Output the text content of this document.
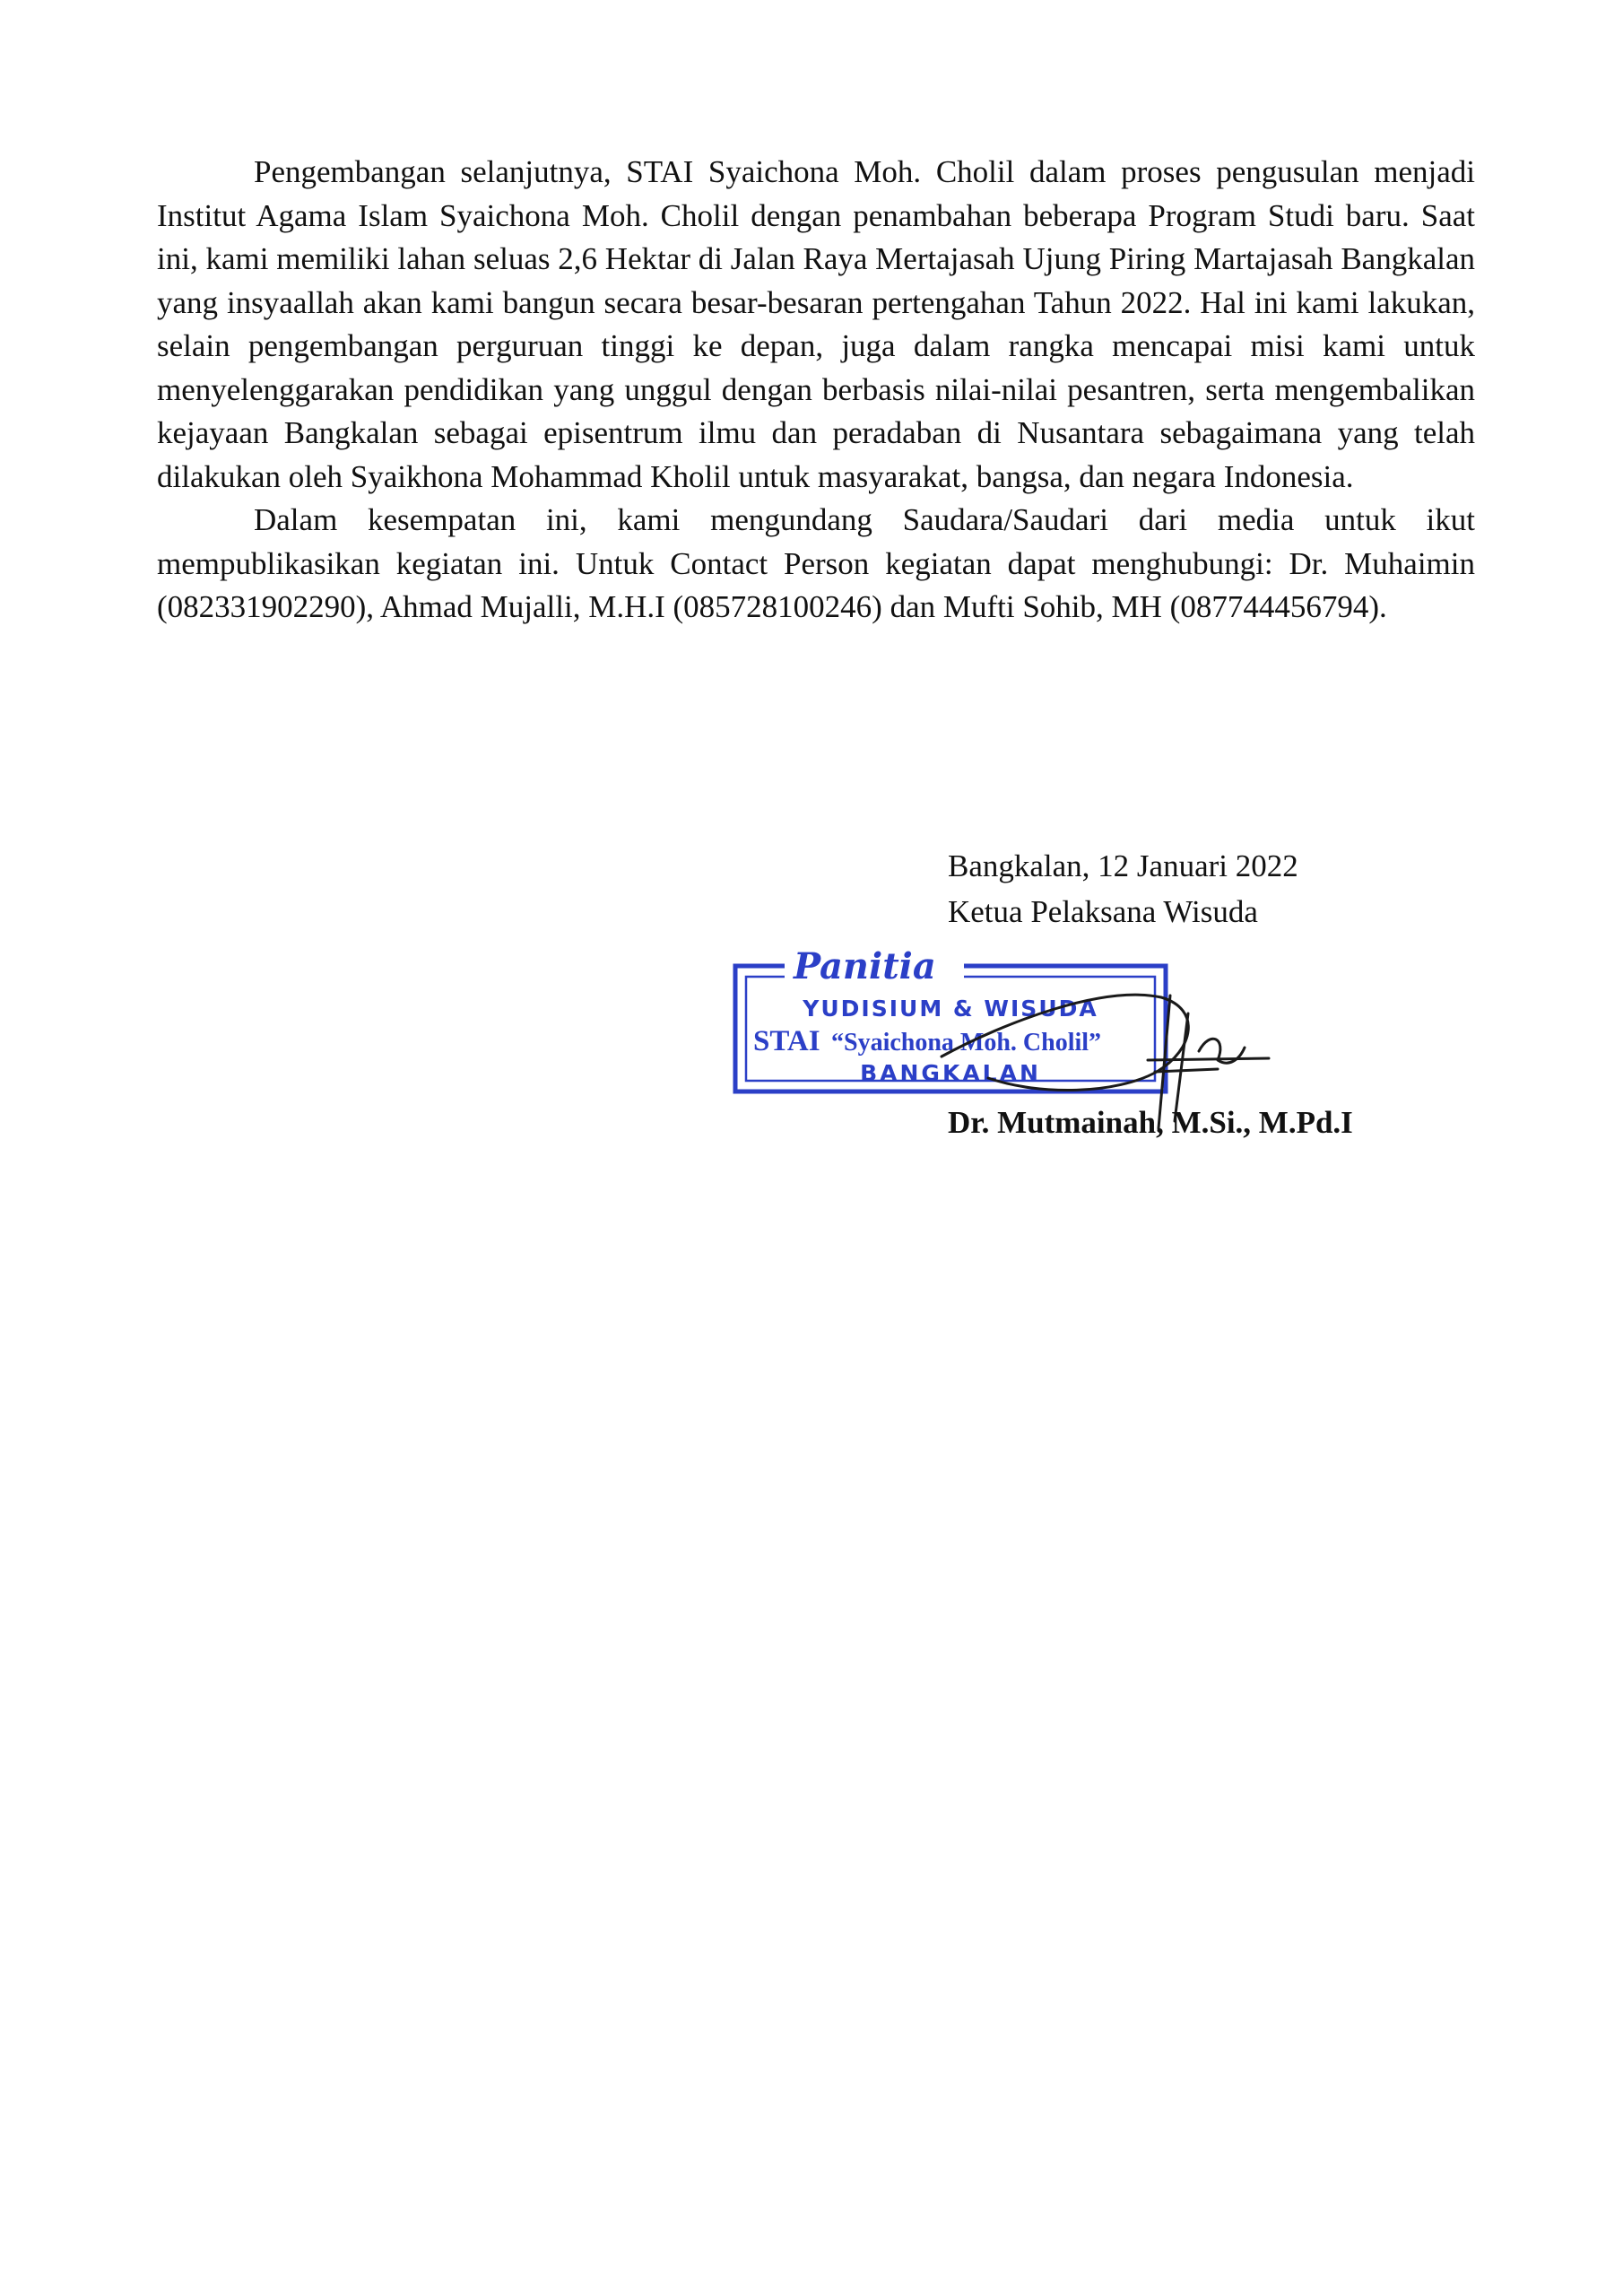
Pengembangan selanjutnya, STAI Syaichona Moh. Cholil dalam proses pengusulan menjadi Institut Agama Islam Syaichona Moh. Cholil dengan penambahan beberapa Program Studi baru. Saat ini, kami memiliki lahan seluas 2,6 Hektar di Jalan Raya Mertajasah Ujung Piring Martajasah Bangkalan yang insyaallah akan kami bangun secara besar-besaran pertengahan Tahun 2022. Hal ini kami lakukan, selain pengembangan perguruan tinggi ke depan, juga dalam rangka mencapai misi kami untuk menyelenggarakan pendidikan yang unggul dengan berbasis nilai-nilai pesantren, serta mengembalikan kejayaan Bangkalan sebagai episentrum ilmu dan peradaban di Nusantara sebagaimana yang telah dilakukan oleh Syaikhona Mohammad Kholil untuk masyarakat, bangsa, dan negara Indonesia.

Dalam kesempatan ini, kami mengundang Saudara/Saudari dari media untuk ikut mempublikasikan kegiatan ini. Untuk Contact Person kegiatan dapat menghubungi: Dr. Muhaimin (082331902290), Ahmad Mujalli, M.H.I (085728100246) dan Mufti Sohib, MH (087744456794).

Bangkalan, 12 Januari 2022
Ketua Pelaksana Wisuda
Panitia
YUDISIUM & WISUDA
STAI “Syaichona Moh. Cholil”
BANGKALAN
Dr. Mutmainah, M.Si., M.Pd.I
